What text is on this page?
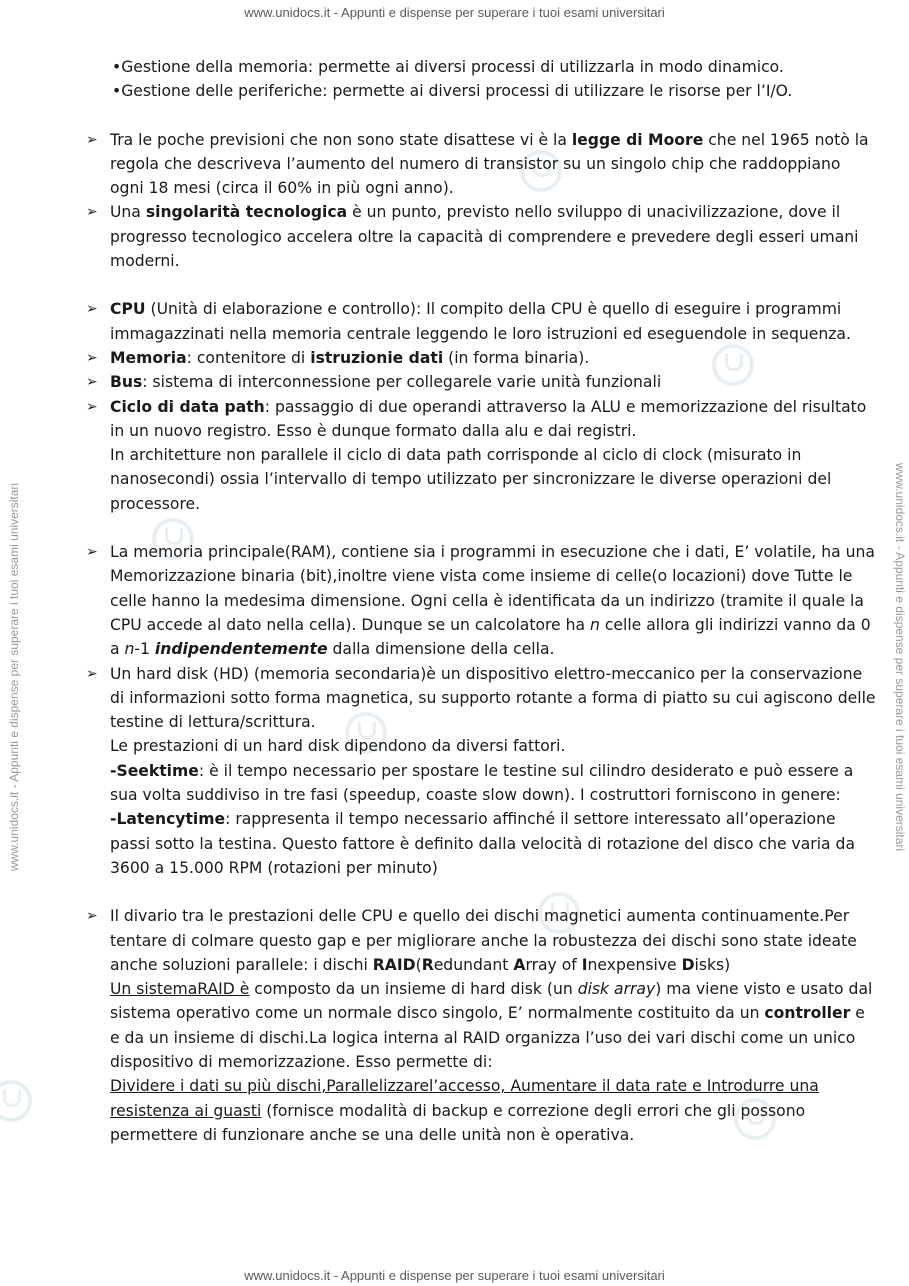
www.unidocs.it - Appunti e dispense per superare i tuoi esami universitari
www.unidocs.it - Appunti e dispense per superare i tuoi esami universitari
www.unidocs.it - Appunti e dispense per superare i tuoi esami universitari	www.unidocs.it - Appunti e dispense per superare i tuoi esami universitari
•Gestione della memoria: permette ai diversi processi di utilizzarla in modo dinamico.
•Gestione delle periferiche: permette ai diversi processi di utilizzare le risorse per l’I/O.
➢ Tra le poche previsioni che non sono state disattese vi è la legge di Moore che nel 1965 notò la regola che descriveva l’aumento del numero di transistor su un singolo chip che raddoppiano ogni 18 mesi (circa il 60% in più ogni anno).
➢ Una singolarità tecnologica è un punto, previsto nello sviluppo di unacivilizzazione, dove il progresso tecnologico accelera oltre la capacità di comprendere e prevedere degli esseri umani moderni.
➢ CPU (Unità di elaborazione e controllo): Il compito della CPU è quello di eseguire i programmi immagazzinati nella memoria centrale leggendo le loro istruzioni ed eseguendole in sequenza.
➢ Memoria: contenitore di istruzionie dati (in forma binaria).
➢ Bus: sistema di interconnessione per collegarele varie unità funzionali
➢ Ciclo di data path: passaggio di due operandi attraverso la ALU e memorizzazione del risultato in un nuovo registro. Esso è dunque formato dalla alu e dai registri.

In architetture non parallele il ciclo di data path corrisponde al ciclo di clock (misurato in nanosecondi) ossia l’intervallo di tempo utilizzato per sincronizzare le diverse operazioni del processore.

➢ La memoria principale(RAM), contiene sia i programmi in esecuzione che i dati, E’ volatile, ha una Memorizzazione binaria (bit),inoltre viene vista come insieme di celle(o locazioni) dove Tutte le celle hanno la medesima dimensione. Ogni cella è identificata da un indirizzo (tramite il quale la CPU accede al dato nella cella). Dunque se un calcolatore ha n celle allora gli indirizzi vanno da 0 a n-1 indipendentemente dalla dimensione della cella.
➢ Un hard disk (HD) (memoria secondaria)è un dispositivo elettro-meccanico per la conservazione di informazioni sotto forma magnetica, su supporto rotante a forma di piatto su cui agiscono delle testine di lettura/scrittura.

Le prestazioni di un hard disk dipendono da diversi fattori.

-Seektime: è il tempo necessario per spostare le testine sul cilindro desiderato e può essere a sua volta suddiviso in tre fasi (speedup, coaste slow down). I costruttori forniscono in genere:

-Latencytime: rappresenta il tempo necessario affinché il settore interessato all’operazione passi sotto la testina. Questo fattore è definito dalla velocità di rotazione del disco che varia da 3600 a 15.000 RPM (rotazioni per minuto)

➢ Il divario tra le prestazioni delle CPU e quello dei dischi magnetici aumenta continuamente.Per tentare di colmare questo gap e per migliorare anche la robustezza dei dischi sono state ideate anche soluzioni parallele: i dischi RAID(Redundant Array of Inexpensive Disks)

Un sistemaRAID è composto da un insieme di hard disk (un disk array) ma viene visto e usato dal sistema operativo come un normale disco singolo, E’ normalmente costituito da un controller e e da un insieme di dischi.La logica interna al RAID organizza l’uso dei vari dischi come un unico dispositivo di memorizzazione. Esso permette di:

Dividere i dati su più dischi,Parallelizzarel’accesso, Aumentare il data rate e Introdurre una resistenza ai guasti (fornisce modalità di backup e correzione degli errori che gli possono permettere di funzionare anche se una delle unità non è operativa.
